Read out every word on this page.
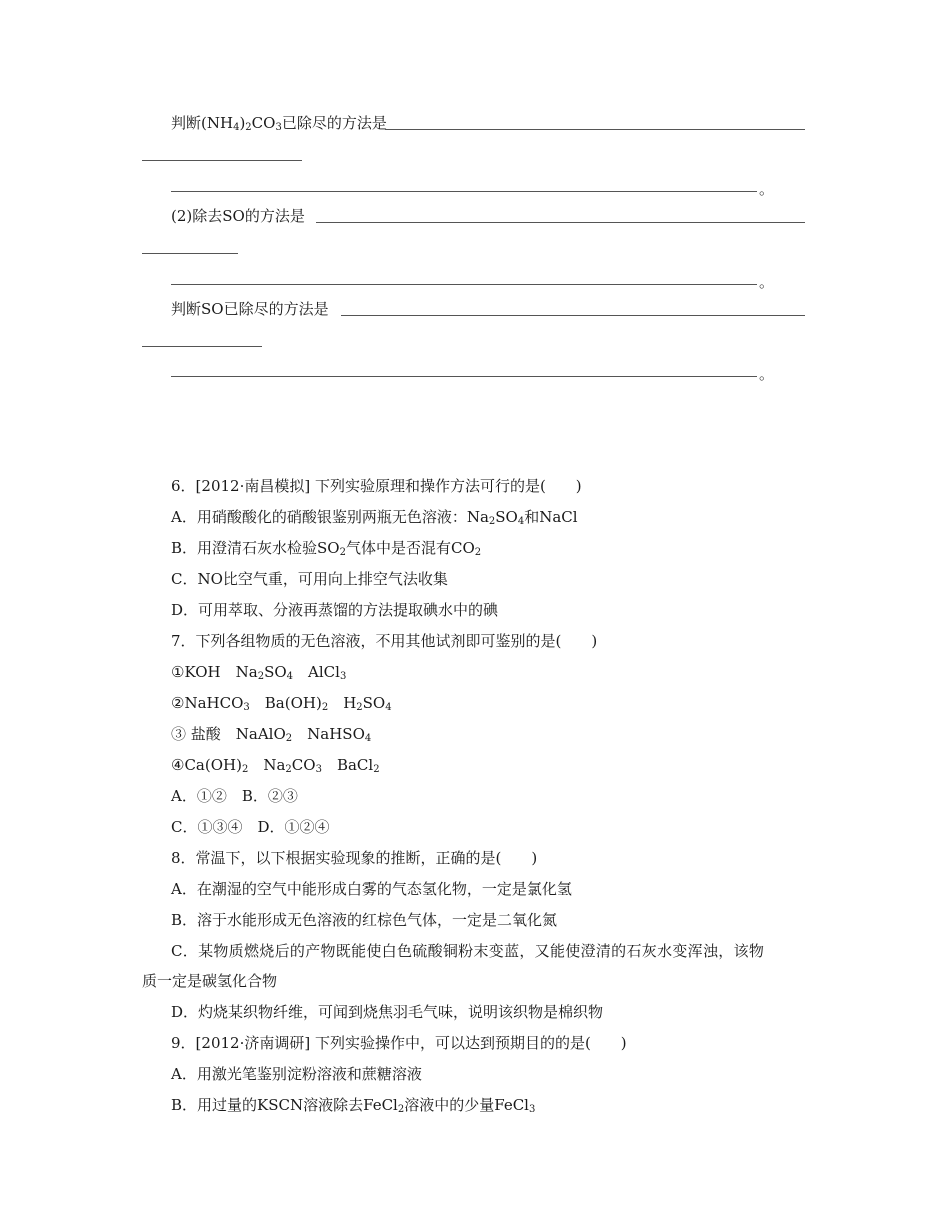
判断$(NH_4)_2CO_3$已除尽的方法是
。
(2)除去SO的方法是
。
判断SO已除尽的方法是
。
6．[2012·南昌模拟] 下列实验原理和操作方法可行的是(　　)
A．用硝酸酸化的硝酸银鉴别两瓶无色溶液：$Na_2SO_4$和NaCl
B．用澄清石灰水检验$SO_2$气体中是否混有$CO_2$
C．NO比空气重，可用向上排空气法收集
D．可用萃取、分液再蒸馏的方法提取碘水中的碘
7．下列各组物质的无色溶液，不用其他试剂即可鉴别的是(　　)
①KOH　$Na_2SO_4$　AlCl$_3$
②NaHCO$_3$　$Ba(OH)_2$　$H_2SO_4$
③ 盐酸　NaAlO$_2$　NaHSO$_4$
$④Ca(OH)_2$　$Na_2CO_3$　BaCl$_2$
A．①②　B．②③
C．①③④　D．①②④
8．常温下，以下根据实验现象的推断，正确的是(　　)
A．在潮湿的空气中能形成白雾的气态氢化物，一定是氯化氢
B．溶于水能形成无色溶液的红棕色气体，一定是二氧化氮
C．某物质燃烧后的产物既能使白色硫酸铜粉末变蓝，又能使澄清的石灰水变浑浊，该物
质一定是碳氢化合物
D．灼烧某织物纤维，可闻到烧焦羽毛气味，说明该织物是棉织物
9．[2012·济南调研] 下列实验操作中，可以达到预期目的的是(　　)
A．用激光笔鉴别淀粉溶液和蔗糖溶液
B．用过量的KSCN溶液除去FeCl$_2$溶液中的少量FeCl$_3$
